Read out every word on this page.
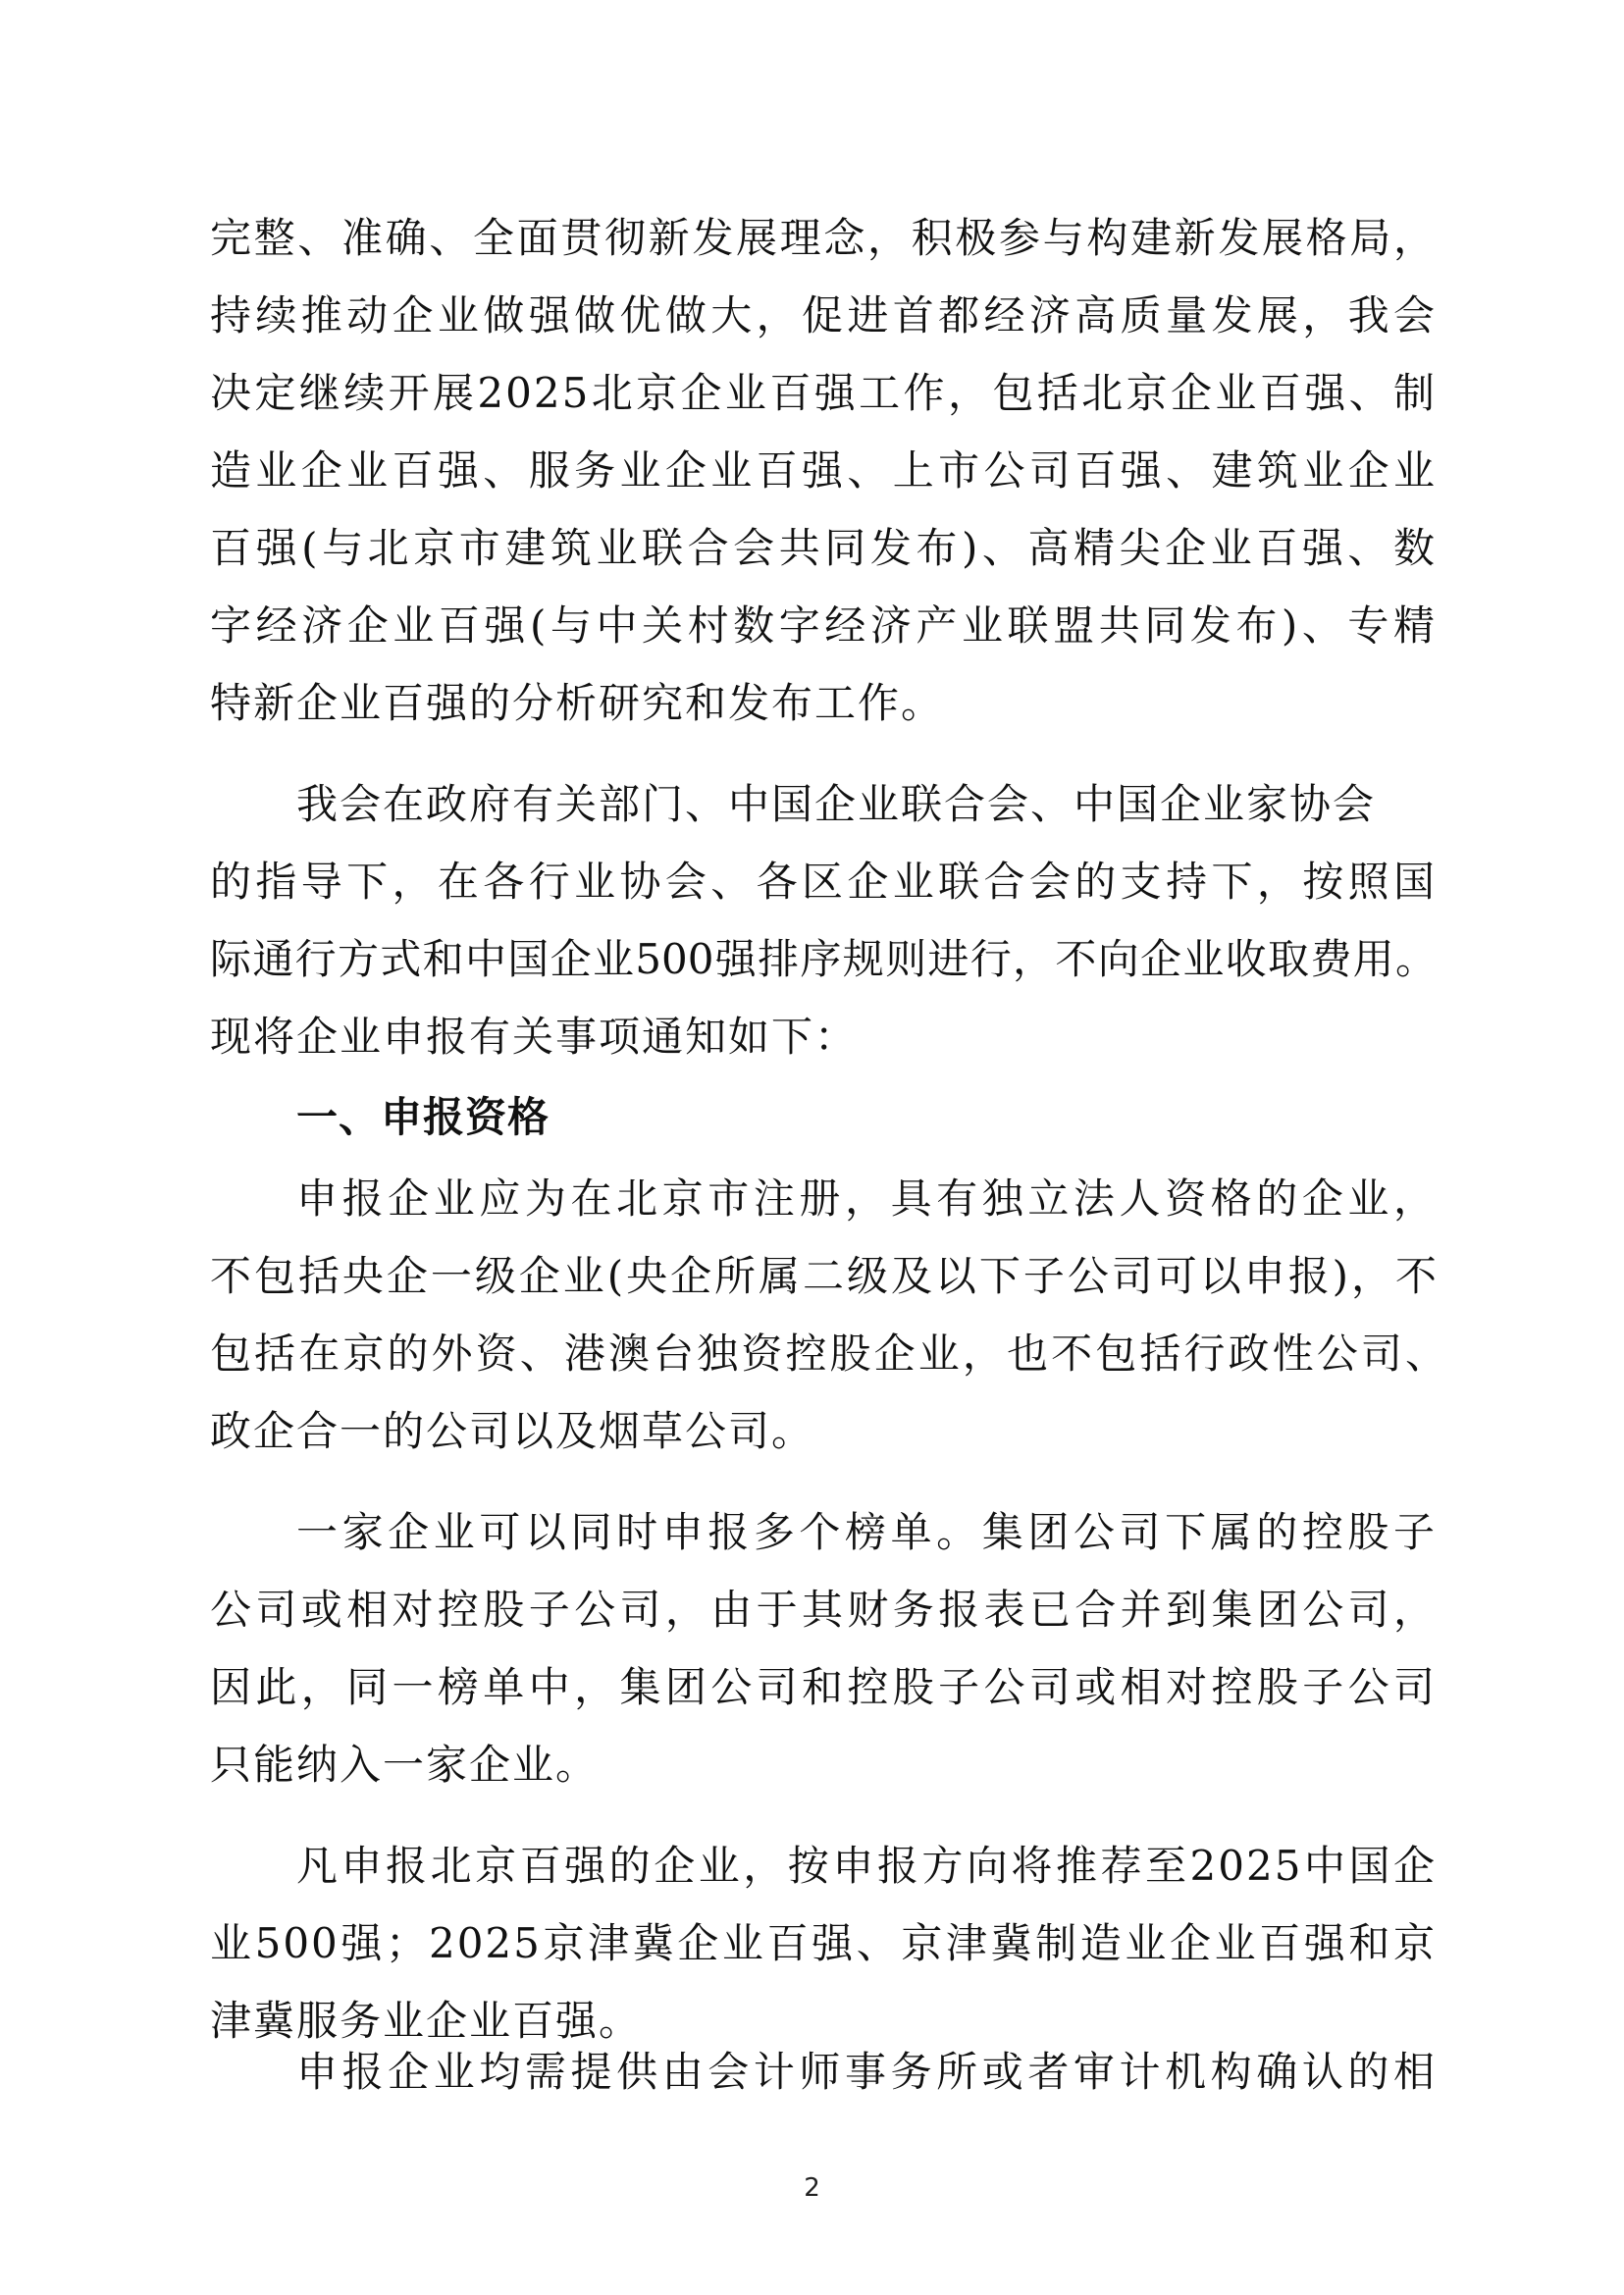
完整、准确、全面贯彻新发展理念，积极参与构建新发展格局，
持续推动企业做强做优做大，促进首都经济高质量发展，我会
决定继续开展2025北京企业百强工作，包括北京企业百强、制
造业企业百强、服务业企业百强、上市公司百强、建筑业企业
百强(与北京市建筑业联合会共同发布)、高精尖企业百强、数
字经济企业百强(与中关村数字经济产业联盟共同发布)、专精
特新企业百强的分析研究和发布工作。
我会在政府有关部门、中国企业联合会、中国企业家协会
的指导下，在各行业协会、各区企业联合会的支持下，按照国
际通行方式和中国企业500强排序规则进行，不向企业收取费用。
现将企业申报有关事项通知如下：
一、申报资格
申报企业应为在北京市注册，具有独立法人资格的企业，
不包括央企一级企业(央企所属二级及以下子公司可以申报)，不
包括在京的外资、港澳台独资控股企业，也不包括行政性公司、
政企合一的公司以及烟草公司。
一家企业可以同时申报多个榜单。集团公司下属的控股子
公司或相对控股子公司，由于其财务报表已合并到集团公司，
因此，同一榜单中，集团公司和控股子公司或相对控股子公司
只能纳入一家企业。
凡申报北京百强的企业，按申报方向将推荐至2025中国企
业500强；2025京津冀企业百强、京津冀制造业企业百强和京
津冀服务业企业百强。
2
申报企业均需提供由会计师事务所或者审计机构确认的相
